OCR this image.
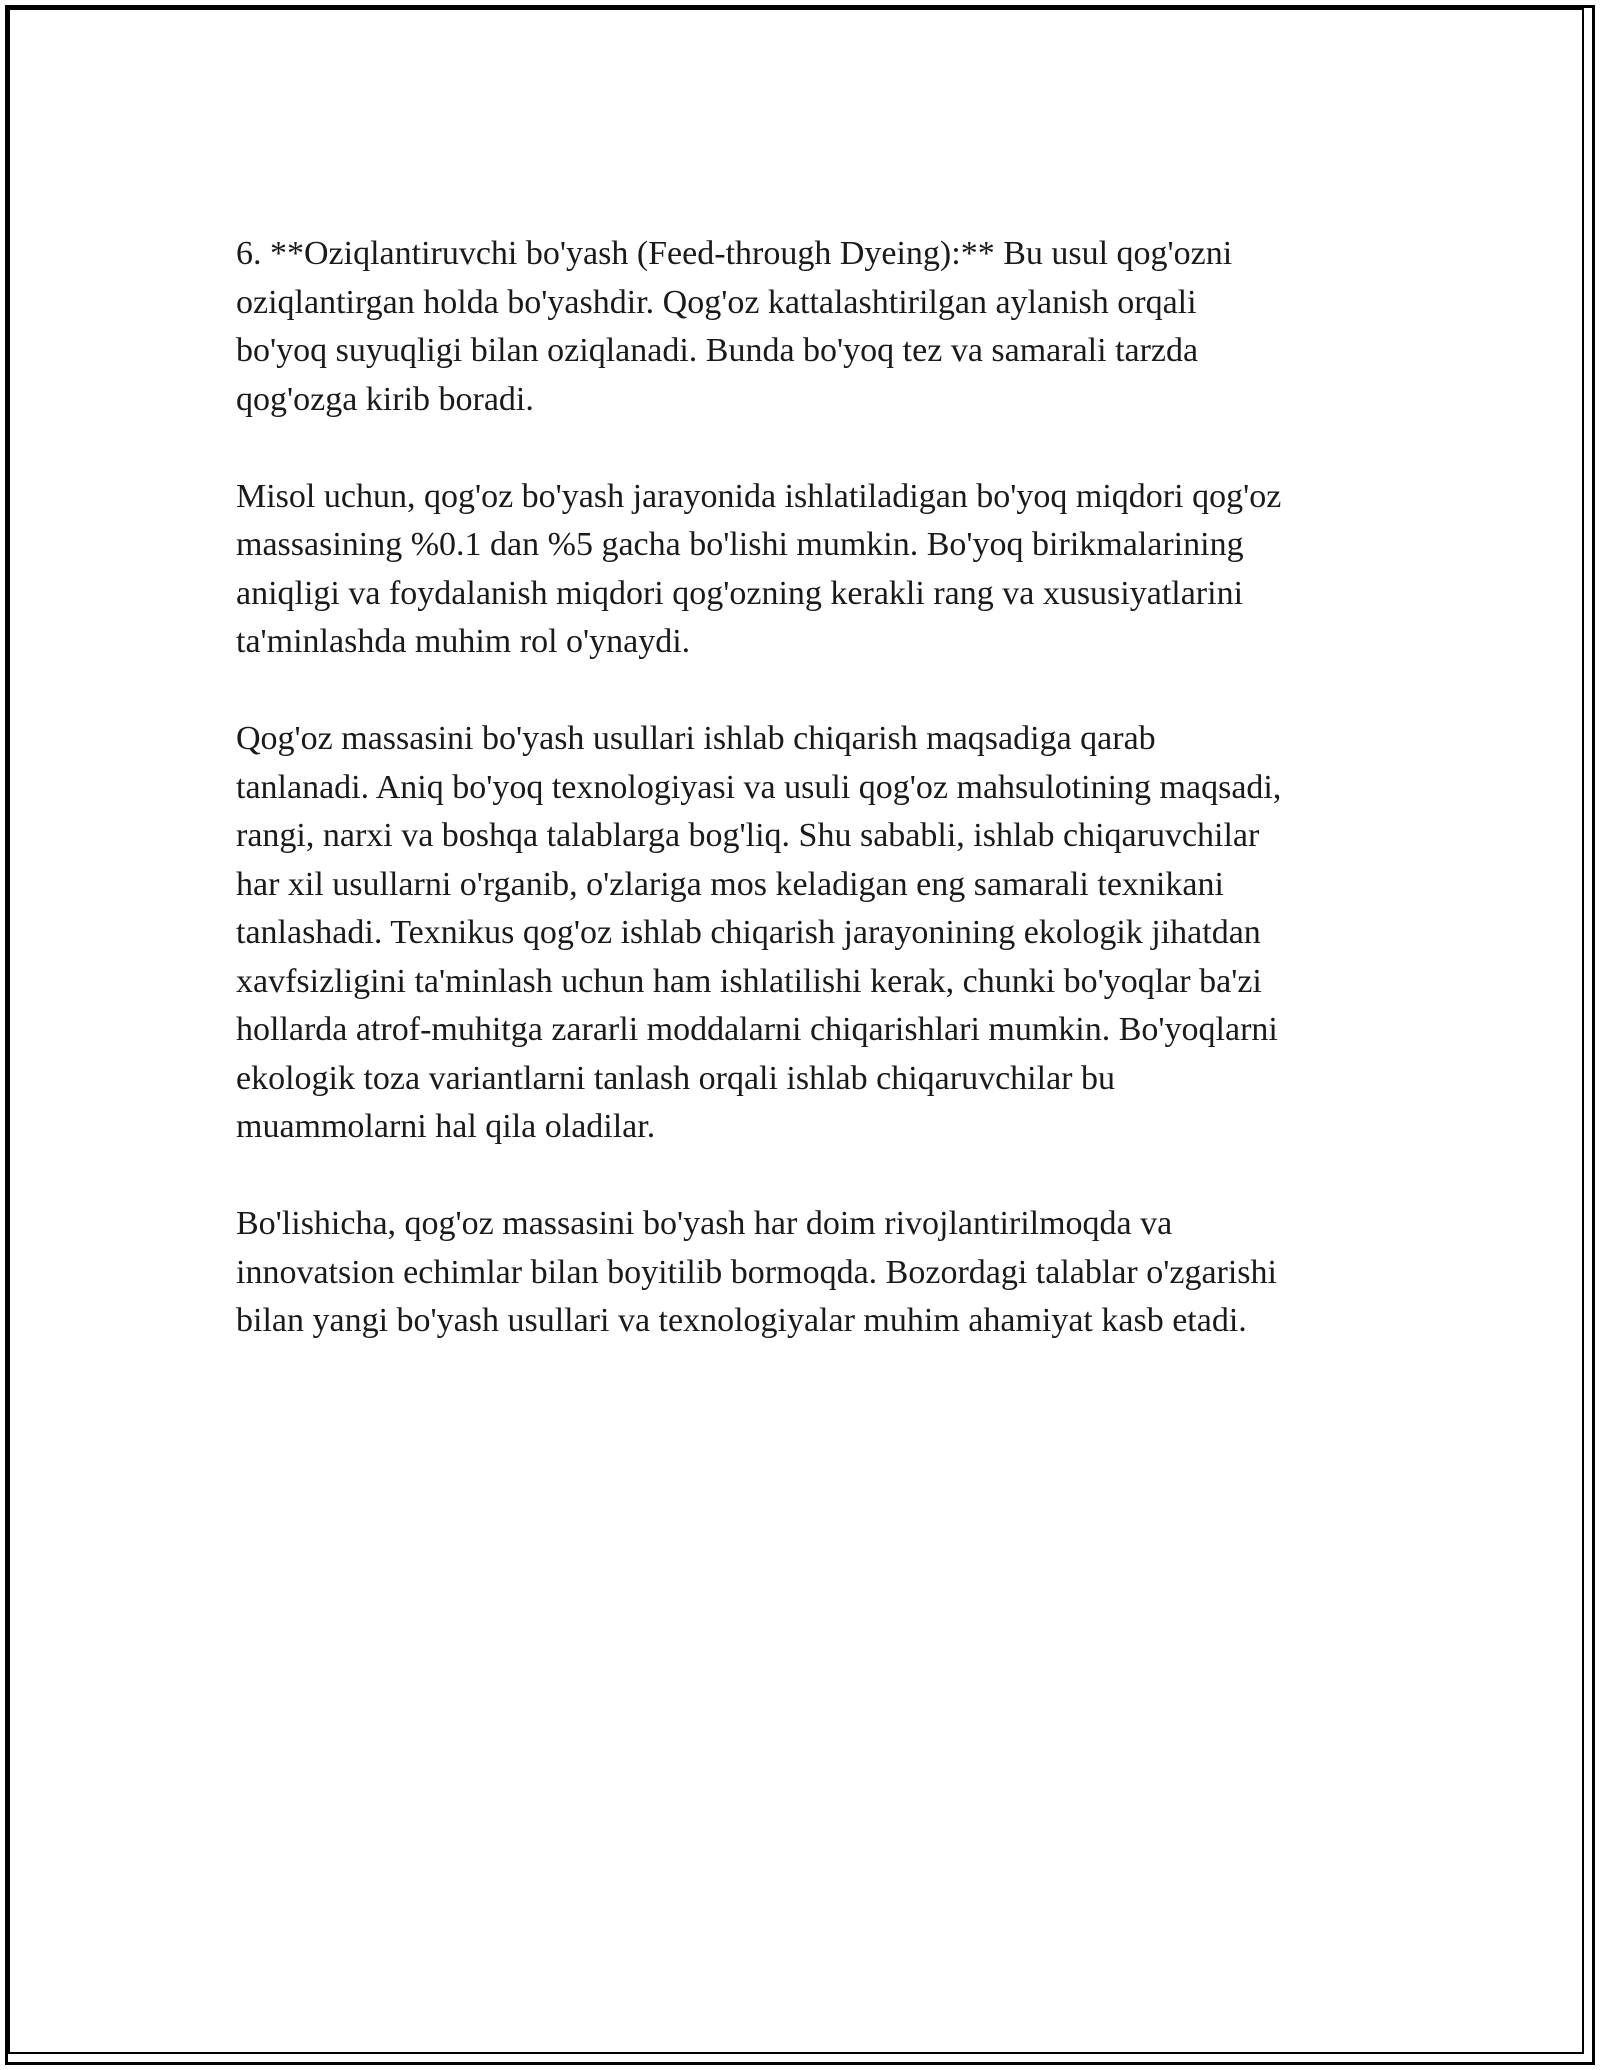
6. **Oziqlantiruvchi bo'yash (Feed-through Dyeing):** Bu usul qog'ozni
oziqlantirgan holda bo'yashdir. Qog'oz kattalashtirilgan aylanish orqali
bo'yoq suyuqligi bilan oziqlanadi. Bunda bo'yoq tez va samarali tarzda
qog'ozga kirib boradi.

Misol uchun, qog'oz bo'yash jarayonida ishlatiladigan bo'yoq miqdori qog'oz
massasining %0.1 dan %5 gacha bo'lishi mumkin. Bo'yoq birikmalarining
aniqligi va foydalanish miqdori qog'ozning kerakli rang va xususiyatlarini
ta'minlashda muhim rol o'ynaydi.

Qog'oz massasini bo'yash usullari ishlab chiqarish maqsadiga qarab
tanlanadi. Aniq bo'yoq texnologiyasi va usuli qog'oz mahsulotining maqsadi,
rangi, narxi va boshqa talablarga bog'liq. Shu sababli, ishlab chiqaruvchilar
har xil usullarni o'rganib, o'zlariga mos keladigan eng samarali texnikani
tanlashadi. Texnikus qog'oz ishlab chiqarish jarayonining ekologik jihatdan
xavfsizligini ta'minlash uchun ham ishlatilishi kerak, chunki bo'yoqlar ba'zi
hollarda atrof-muhitga zararli moddalarni chiqarishlari mumkin. Bo'yoqlarni
ekologik toza variantlarni tanlash orqali ishlab chiqaruvchilar bu
muammolarni hal qila oladilar.

Bo'lishicha, qog'oz massasini bo'yash har doim rivojlantirilmoqda va
innovatsion echimlar bilan boyitilib bormoqda. Bozordagi talablar o'zgarishi
bilan yangi bo'yash usullari va texnologiyalar muhim ahamiyat kasb etadi.
